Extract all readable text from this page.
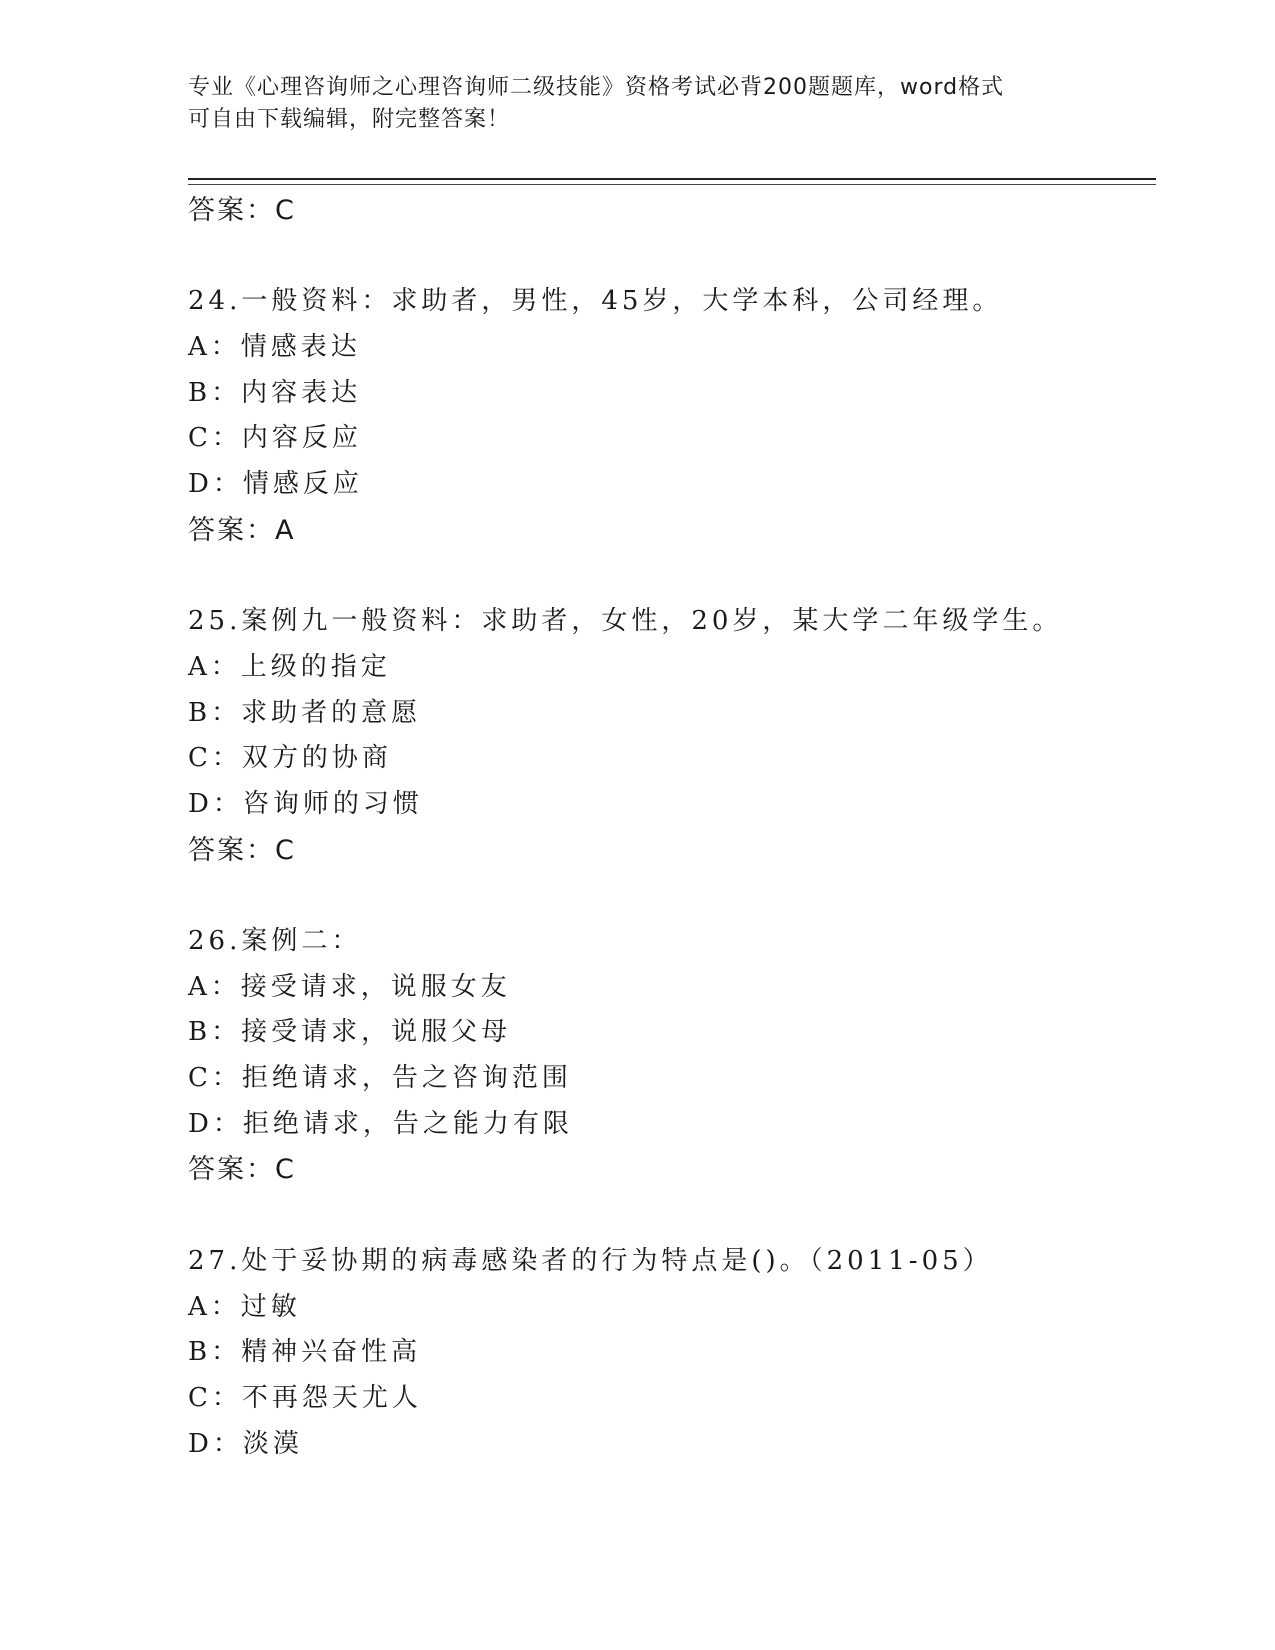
专业《心理咨询师之心理咨询师二级技能》资格考试必背200题题库，word格式
可自由下载编辑，附完整答案！
答案：C
24.一般资料：求助者，男性，45岁，大学本科，公司经理。
A：情感表达
B：内容表达
C：内容反应
D：情感反应
答案：A
25.案例九一般资料：求助者，女性，20岁，某大学二年级学生。
A：上级的指定
B：求助者的意愿
C：双方的协商
D：咨询师的习惯
答案：C
26.案例二：
A：接受请求，说服女友
B：接受请求，说服父母
C：拒绝请求，告之咨询范围
D：拒绝请求，告之能力有限
答案：C
27.处于妥协期的病毒感染者的行为特点是()。（2011-05）
A：过敏
B：精神兴奋性高
C：不再怨天尤人
D：淡漠
